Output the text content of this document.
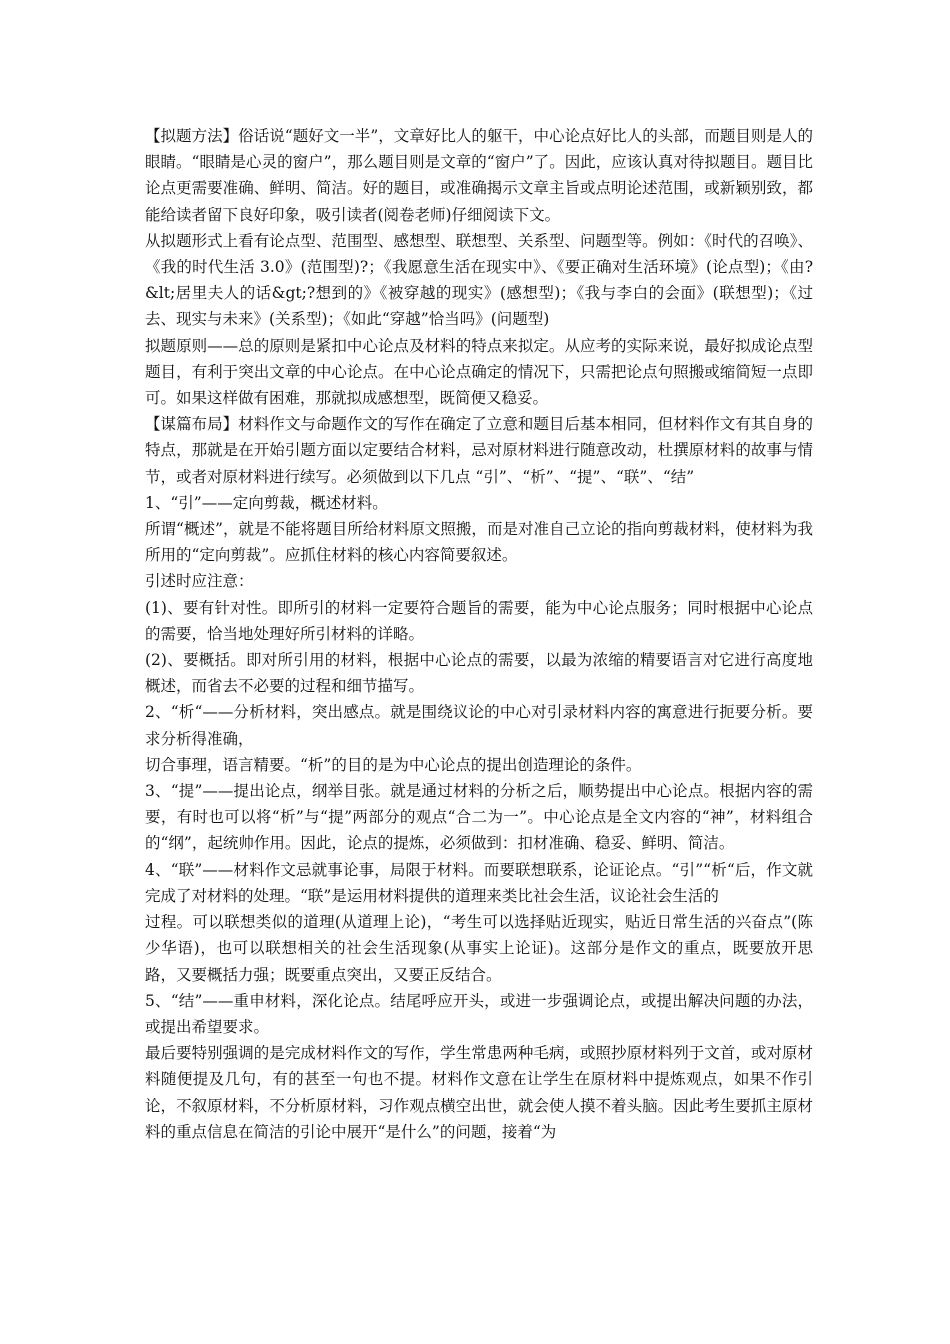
【拟题方法】俗话说“题好文一半”，文章好比人的躯干，中心论点好比人的头部，而题目则是人的眼睛。“眼睛是心灵的窗户”，那么题目则是文章的“窗户”了。因此，应该认真对待拟题目。题目比论点更需要准确、鲜明、简洁。好的题目，或准确揭示文章主旨或点明论述范围，或新颖别致，都能给读者留下良好印象，吸引读者(阅卷老师)仔细阅读下文。

从拟题形式上看有论点型、范围型、感想型、联想型、关系型、问题型等。例如：《时代的召唤》、《我的时代生活 3.0》(范围型)?；《我愿意生活在现实中》、《要正确对生活环境》(论点型)；《由?&lt;居里夫人的话&gt;?想到的》《被穿越的现实》(感想型)；《我与李白的会面》(联想型)；《过去、现实与未来》(关系型)；《如此“穿越”恰当吗》(问题型)

拟题原则——总的原则是紧扣中心论点及材料的特点来拟定。从应考的实际来说，最好拟成论点型题目，有利于突出文章的中心论点。在中心论点确定的情况下，只需把论点句照搬或缩简短一点即可。如果这样做有困难，那就拟成感想型，既简便又稳妥。

【谋篇布局】材料作文与命题作文的写作在确定了立意和题目后基本相同，但材料作文有其自身的特点，那就是在开始引题方面以定要结合材料，忌对原材料进行随意改动，杜撰原材料的故事与情节，或者对原材料进行续写。必须做到以下几点 “引”、“析”、“提”、“联”、“结”

1、“引”——定向剪裁，概述材料。

所谓“概述”，就是不能将题目所给材料原文照搬，而是对准自己立论的指向剪裁材料，使材料为我所用的“定向剪裁”。应抓住材料的核心内容简要叙述。

引述时应注意：

(1)、要有针对性。即所引的材料一定要符合题旨的需要，能为中心论点服务；同时根据中心论点的需要，恰当地处理好所引材料的详略。

(2)、要概括。即对所引用的材料，根据中心论点的需要，以最为浓缩的精要语言对它进行高度地概述，而省去不必要的过程和细节描写。

2、“析“——分析材料，突出感点。就是围绕议论的中心对引录材料内容的寓意进行扼要分析。要求分析得准确，

切合事理，语言精要。“析”的目的是为中心论点的提出创造理论的条件。

3、“提”——提出论点，纲举目张。就是通过材料的分析之后，顺势提出中心论点。根据内容的需要，有时也可以将“析”与“提”两部分的观点“合二为一”。中心论点是全文内容的“神”，材料组合的“纲”，起统帅作用。因此，论点的提炼，必须做到：扣材准确、稳妥、鲜明、简洁。

4、“联”——材料作文忌就事论事，局限于材料。而要联想联系，论证论点。“引”“析“后，作文就完成了对材料的处理。“联”是运用材料提供的道理来类比社会生活，议论社会生活的

过程。可以联想类似的道理(从道理上论)，“考生可以选择贴近现实，贴近日常生活的兴奋点”(陈少华语)，也可以联想相关的社会生活现象(从事实上论证)。这部分是作文的重点，既要放开思路，又要概括力强；既要重点突出，又要正反结合。

5、“结”——重申材料，深化论点。结尾呼应开头，或进一步强调论点，或提出解决问题的办法，或提出希望要求。

最后要特别强调的是完成材料作文的写作，学生常患两种毛病，或照抄原材料列于文首，或对原材料随便提及几句，有的甚至一句也不提。材料作文意在让学生在原材料中提炼观点，如果不作引论，不叙原材料，不分析原材料，习作观点横空出世，就会使人摸不着头脑。因此考生要抓主原材料的重点信息在简洁的引论中展开“是什么”的问题，接着“为
